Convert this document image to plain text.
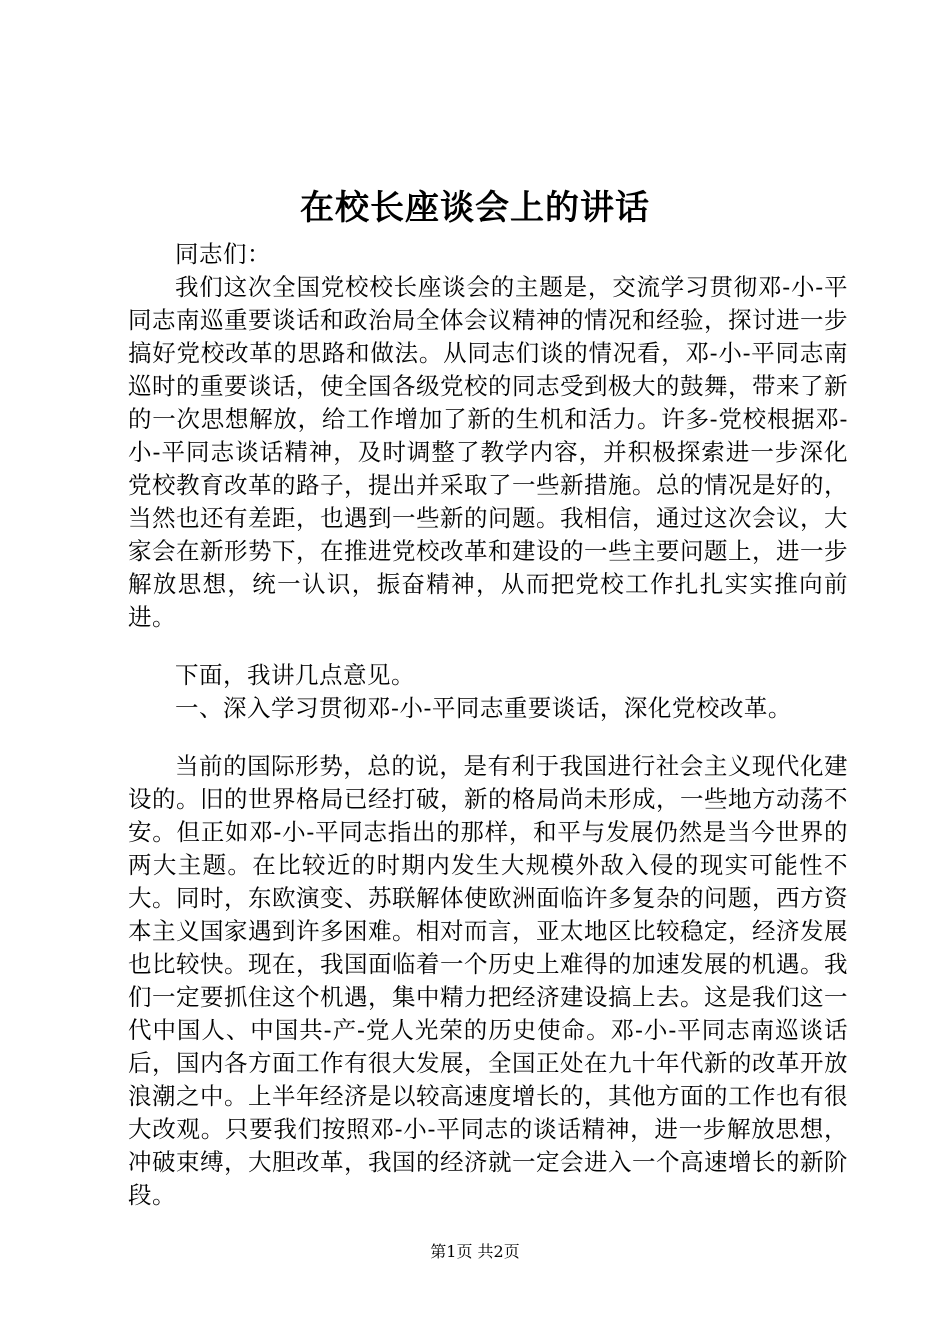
在校长座谈会上的讲话

同志们：

我们这次全国党校校长座谈会的主题是，交流学习贯彻邓-小-平同志南巡重要谈话和政治局全体会议精神的情况和经验，探讨进一步搞好党校改革的思路和做法。从同志们谈的情况看，邓-小-平同志南巡时的重要谈话，使全国各级党校的同志受到极大的鼓舞，带来了新的一次思想解放，给工作增加了新的生机和活力。许多-党校根据邓-小-平同志谈话精神，及时调整了教学内容，并积极探索进一步深化党校教育改革的路子，提出并采取了一些新措施。总的情况是好的，当然也还有差距，也遇到一些新的问题。我相信，通过这次会议，大家会在新形势下，在推进党校改革和建设的一些主要问题上，进一步解放思想，统一认识，振奋精神，从而把党校工作扎扎实实推向前进。

下面，我讲几点意见。

一、深入学习贯彻邓-小-平同志重要谈话，深化党校改革。

当前的国际形势，总的说，是有利于我国进行社会主义现代化建设的。旧的世界格局已经打破，新的格局尚未形成，一些地方动荡不安。但正如邓-小-平同志指出的那样，和平与发展仍然是当今世界的两大主题。在比较近的时期内发生大规模外敌入侵的现实可能性不大。同时，东欧演变、苏联解体使欧洲面临许多复杂的问题，西方资本主义国家遇到许多困难。相对而言，亚太地区比较稳定，经济发展也比较快。现在，我国面临着一个历史上难得的加速发展的机遇。我们一定要抓住这个机遇，集中精力把经济建设搞上去。这是我们这一代中国人、中国共-产-党人光荣的历史使命。邓-小-平同志南巡谈话后，国内各方面工作有很大发展，全国正处在九十年代新的改革开放浪潮之中。上半年经济是以较高速度增长的，其他方面的工作也有很大改观。只要我们按照邓-小-平同志的谈话精神，进一步解放思想，冲破束缚，大胆改革，我国的经济就一定会进入一个高速增长的新阶段。

第1页 共2页
